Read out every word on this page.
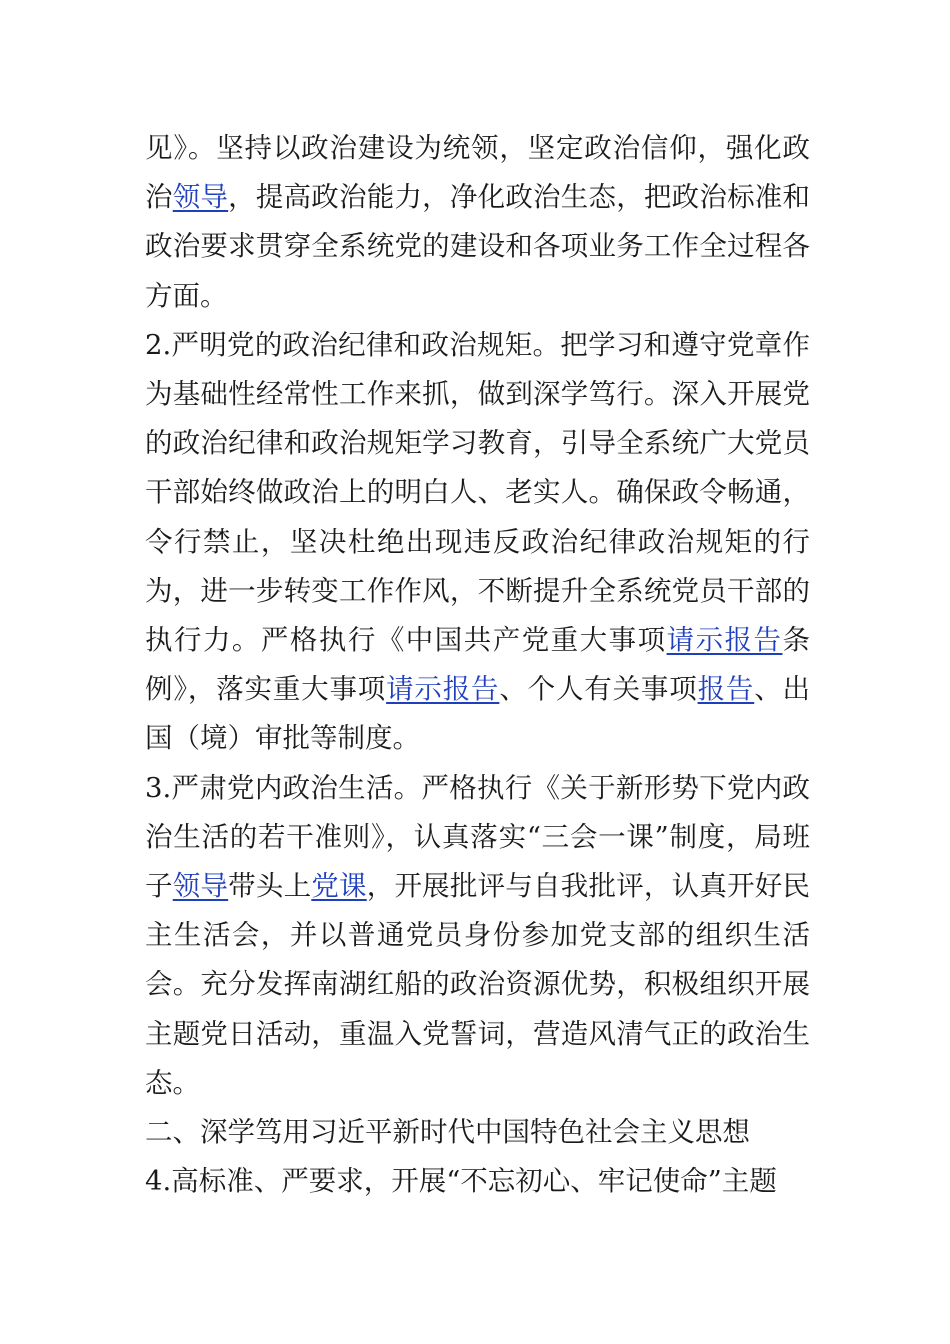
见》。坚持以政治建设为统领，坚定政治信仰，强化政治领导，提高政治能力，净化政治生态，把政治标准和政治要求贯穿全系统党的建设和各项业务工作全过程各方面。

2.严明党的政治纪律和政治规矩。把学习和遵守党章作为基础性经常性工作来抓，做到深学笃行。深入开展党的政治纪律和政治规矩学习教育，引导全系统广大党员干部始终做政治上的明白人、老实人。确保政令畅通，令行禁止，坚决杜绝出现违反政治纪律政治规矩的行为，进一步转变工作作风，不断提升全系统党员干部的执行力。严格执行《中国共产党重大事项请示报告条例》，落实重大事项请示报告、个人有关事项报告、出国（境）审批等制度。

3.严肃党内政治生活。严格执行《关于新形势下党内政治生活的若干准则》，认真落实“三会一课”制度，局班子领导带头上党课，开展批评与自我批评，认真开好民主生活会，并以普通党员身份参加党支部的组织生活会。充分发挥南湖红船的政治资源优势，积极组织开展主题党日活动，重温入党誓词，营造风清气正的政治生态。

二、深学笃用习近平新时代中国特色社会主义思想

4.高标准、严要求，开展“不忘初心、牢记使命”主题
